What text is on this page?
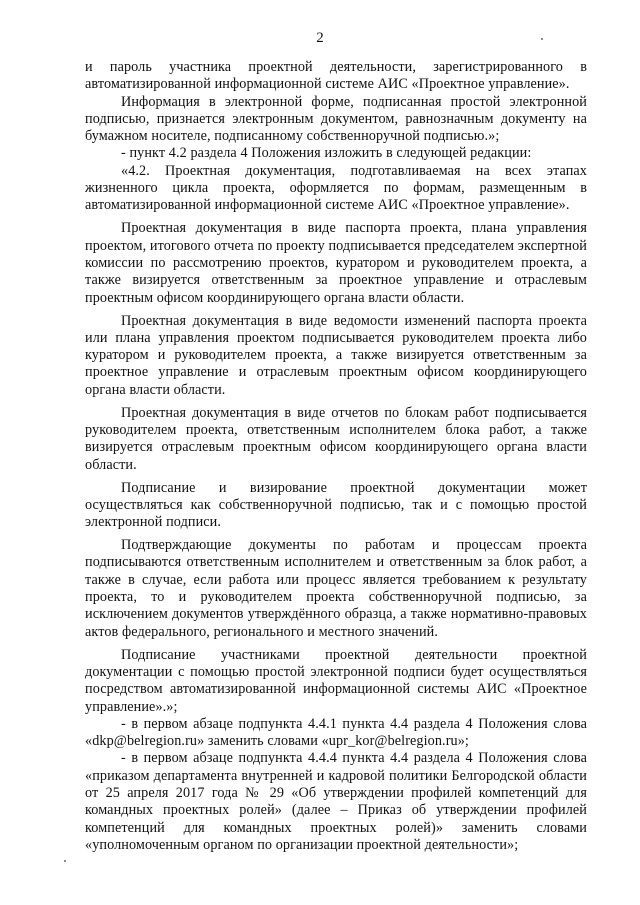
2

и пароль участника проектной деятельности, зарегистрированного в автоматизированной информационной системе АИС «Проектное управление».

Информация в электронной форме, подписанная простой электронной подписью, признается электронным документом, равнозначным документу на бумажном носителе, подписанному собственноручной подписью.»;

- пункт 4.2 раздела 4 Положения изложить в следующей редакции:

«4.2. Проектная документация, подготавливаемая на всех этапах жизненного цикла проекта, оформляется по формам, размещенным в автоматизированной информационной системе АИС «Проектное управление».

Проектная документация в виде паспорта проекта, плана управления проектом, итогового отчета по проекту подписывается председателем экспертной комиссии по рассмотрению проектов, куратором и руководителем проекта, а также визируется ответственным за проектное управление и отраслевым проектным офисом координирующего органа власти области.

Проектная документация в виде ведомости изменений паспорта проекта или плана управления проектом подписывается руководителем проекта либо куратором и руководителем проекта, а также визируется ответственным за проектное управление и отраслевым проектным офисом координирующего органа власти области.

Проектная документация в виде отчетов по блокам работ подписывается руководителем проекта, ответственным исполнителем блока работ, а также визируется отраслевым проектным офисом координирующего органа власти области.

Подписание и визирование проектной документации может осуществляться как собственноручной подписью, так и с помощью простой электронной подписи.

Подтверждающие документы по работам и процессам проекта подписываются ответственным исполнителем и ответственным за блок работ, а также в случае, если работа или процесс является требованием к результату проекта, то и руководителем проекта собственноручной подписью, за исключением документов утверждённого образца, а также нормативно-правовых актов федерального, регионального и местного значений.

Подписание участниками проектной деятельности проектной документации с помощью простой электронной подписи будет осуществляться посредством автоматизированной информационной системы АИС «Проектное управление».»;

- в первом абзаце подпункта 4.4.1 пункта 4.4 раздела 4 Положения слова «dkp@belregion.ru» заменить словами «upr_kor@belregion.ru»;

- в первом абзаце подпункта 4.4.4 пункта 4.4 раздела 4 Положения слова «приказом департамента внутренней и кадровой политики Белгородской области от 25 апреля 2017 года № 29 «Об утверждении профилей компетенций для командных проектных ролей» (далее – Приказ об утверждении профилей компетенций для командных проектных ролей)» заменить словами «уполномоченным органом по организации проектной деятельности»;
